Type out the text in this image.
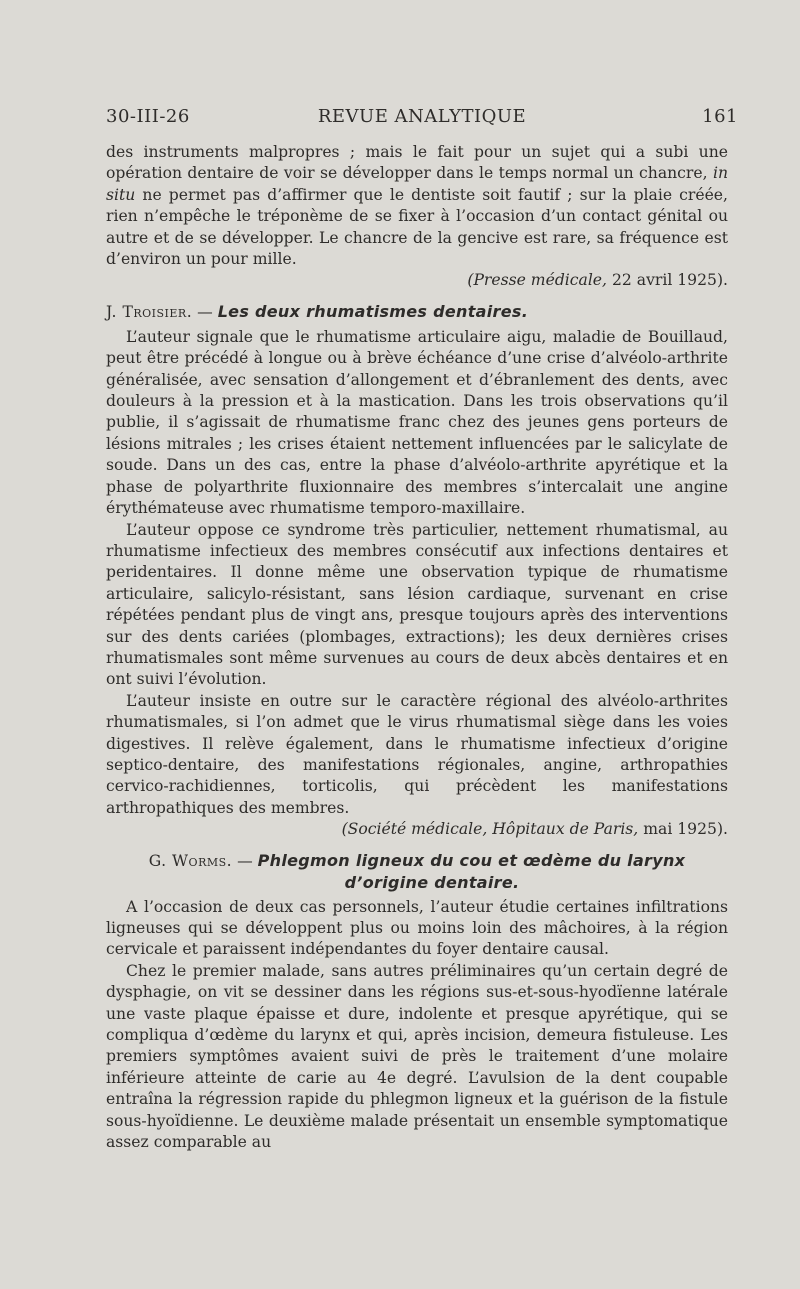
30-III-26	REVUE ANALYTIQUE	161

des instruments malpropres ; mais le fait pour un sujet qui a subi une opération dentaire de voir se développer dans le temps normal un chancre, in situ ne permet pas d’affirmer que le dentiste soit fautif ; sur la plaie créée, rien n’empêche le tréponème de se fixer à l’occasion d’un contact génital ou autre et de se développer. Le chancre de la gencive est rare, sa fréquence est d’environ un pour mille.

(Presse médicale, 22 avril 1925).

J. Troisier. — Les deux rhumatismes dentaires.

L’auteur signale que le rhumatisme articulaire aigu, maladie de Bouillaud, peut être précédé à longue ou à brève échéance d’une crise d’alvéolo-arthrite généralisée, avec sensation d’allongement et d’ébranlement des dents, avec douleurs à la pression et à la mastication. Dans les trois observations qu’il publie, il s’agissait de rhumatisme franc chez des jeunes gens porteurs de lésions mitrales ; les crises étaient nettement influencées par le salicylate de soude. Dans un des cas, entre la phase d’alvéolo-arthrite apyrétique et la phase de polyarthrite fluxionnaire des membres s’intercalait une angine érythémateuse avec rhumatisme temporo-maxillaire.

L’auteur oppose ce syndrome très particulier, nettement rhumatismal, au rhumatisme infectieux des membres consécutif aux infections dentaires et peridentaires. Il donne même une observation typique de rhumatisme articulaire, salicylo-résistant, sans lésion cardiaque, survenant en crise répétées pendant plus de vingt ans, presque toujours après des interventions sur des dents cariées (plombages, extractions); les deux dernières crises rhumatismales sont même survenues au cours de deux abcès dentaires et en ont suivi l’évolution.

L’auteur insiste en outre sur le caractère régional des alvéolo-arthrites rhumatismales, si l’on admet que le virus rhumatismal siège dans les voies digestives. Il relève également, dans le rhumatisme infectieux d’origine septico-dentaire, des manifestations régionales, angine, arthropathies cervico-rachidiennes, torticolis, qui précèdent les manifestations arthropathiques des membres.

(Société médicale, Hôpitaux de Paris, mai 1925).

G. Worms. — Phlegmon ligneux du cou et œdème du larynx
d’origine dentaire.

A l’occasion de deux cas personnels, l’auteur étudie certaines infiltrations ligneuses qui se développent plus ou moins loin des mâchoires, à la région cervicale et paraissent indépendantes du foyer dentaire causal.

Chez le premier malade, sans autres préliminaires qu’un certain degré de dysphagie, on vit se dessiner dans les régions sus-et-sous-hyodïenne latérale une vaste plaque épaisse et dure, indolente et presque apyrétique, qui se compliqua d’œdème du larynx et qui, après incision, demeura fistuleuse. Les premiers symptômes avaient suivi de près le traitement d’une molaire inférieure atteinte de carie au 4e degré. L’avulsion de la dent coupable entraîna la régression rapide du phlegmon ligneux et la guérison de la fistule sous-hyoïdienne. Le deuxième malade présentait un ensemble symptomatique assez comparable au
